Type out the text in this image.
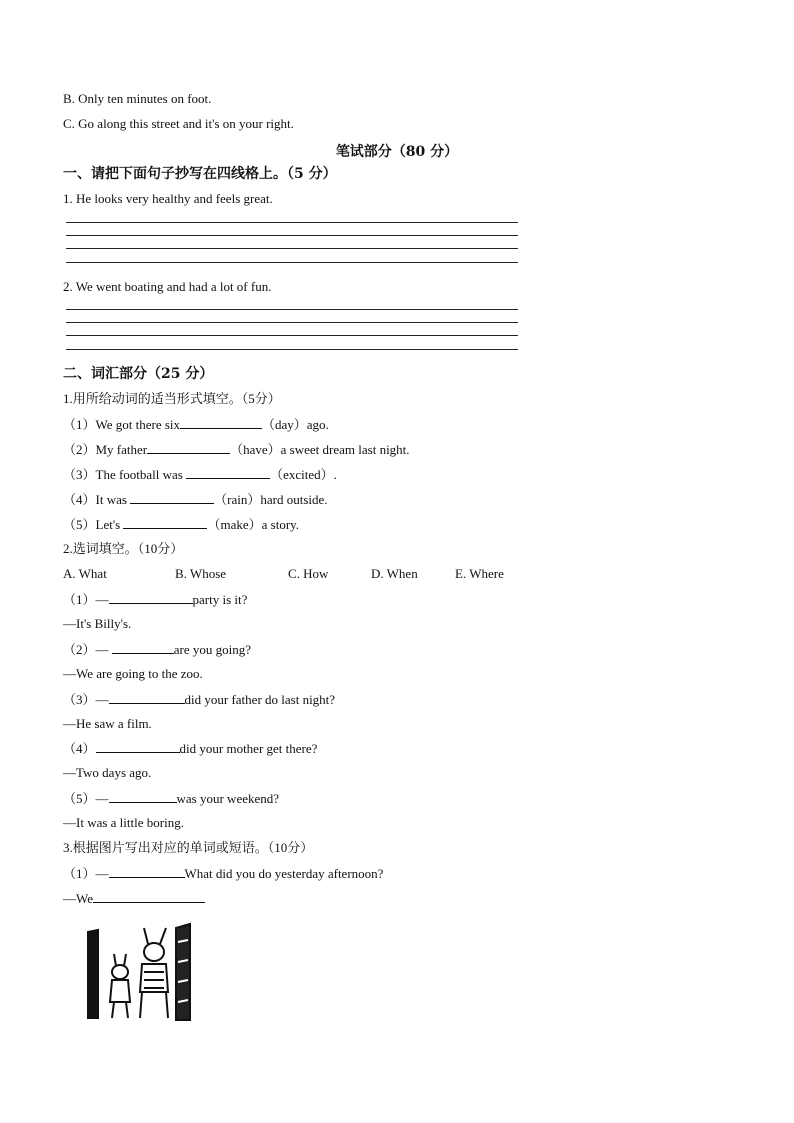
B. Only ten minutes on foot.
C. Go along this street and it's on your right.
笔试部分（80 分）
一、请把下面句子抄写在四线格上。（5 分）
1. He looks very healthy and feels great.
2. We went boating and had a lot of fun.
二、词汇部分（25 分）
1.用所给动词的适当形式填空。（5分）
（1）We got there six	（day）ago.
（2）My father	（have）a sweet dream last night.
（3）The football was	（excited）.
（4）It was	（rain）hard outside.
（5）Let's	（make）a story.
2.选词填空。（10分）
A. What	B. Whose	C. How	D. When	E. Where
（1）—	party is it?
—It's Billy's.
（2）—	are you going?
—We are going to the zoo.
（3）—	did your father do last night?
—He saw a film.
（4）	did your mother get there?
—Two days ago.
（5）—	was your weekend?
—It was a little boring.
3.根据图片写出对应的单词或短语。（10分）
（1）—	What did you do yesterday afternoon?
—We
